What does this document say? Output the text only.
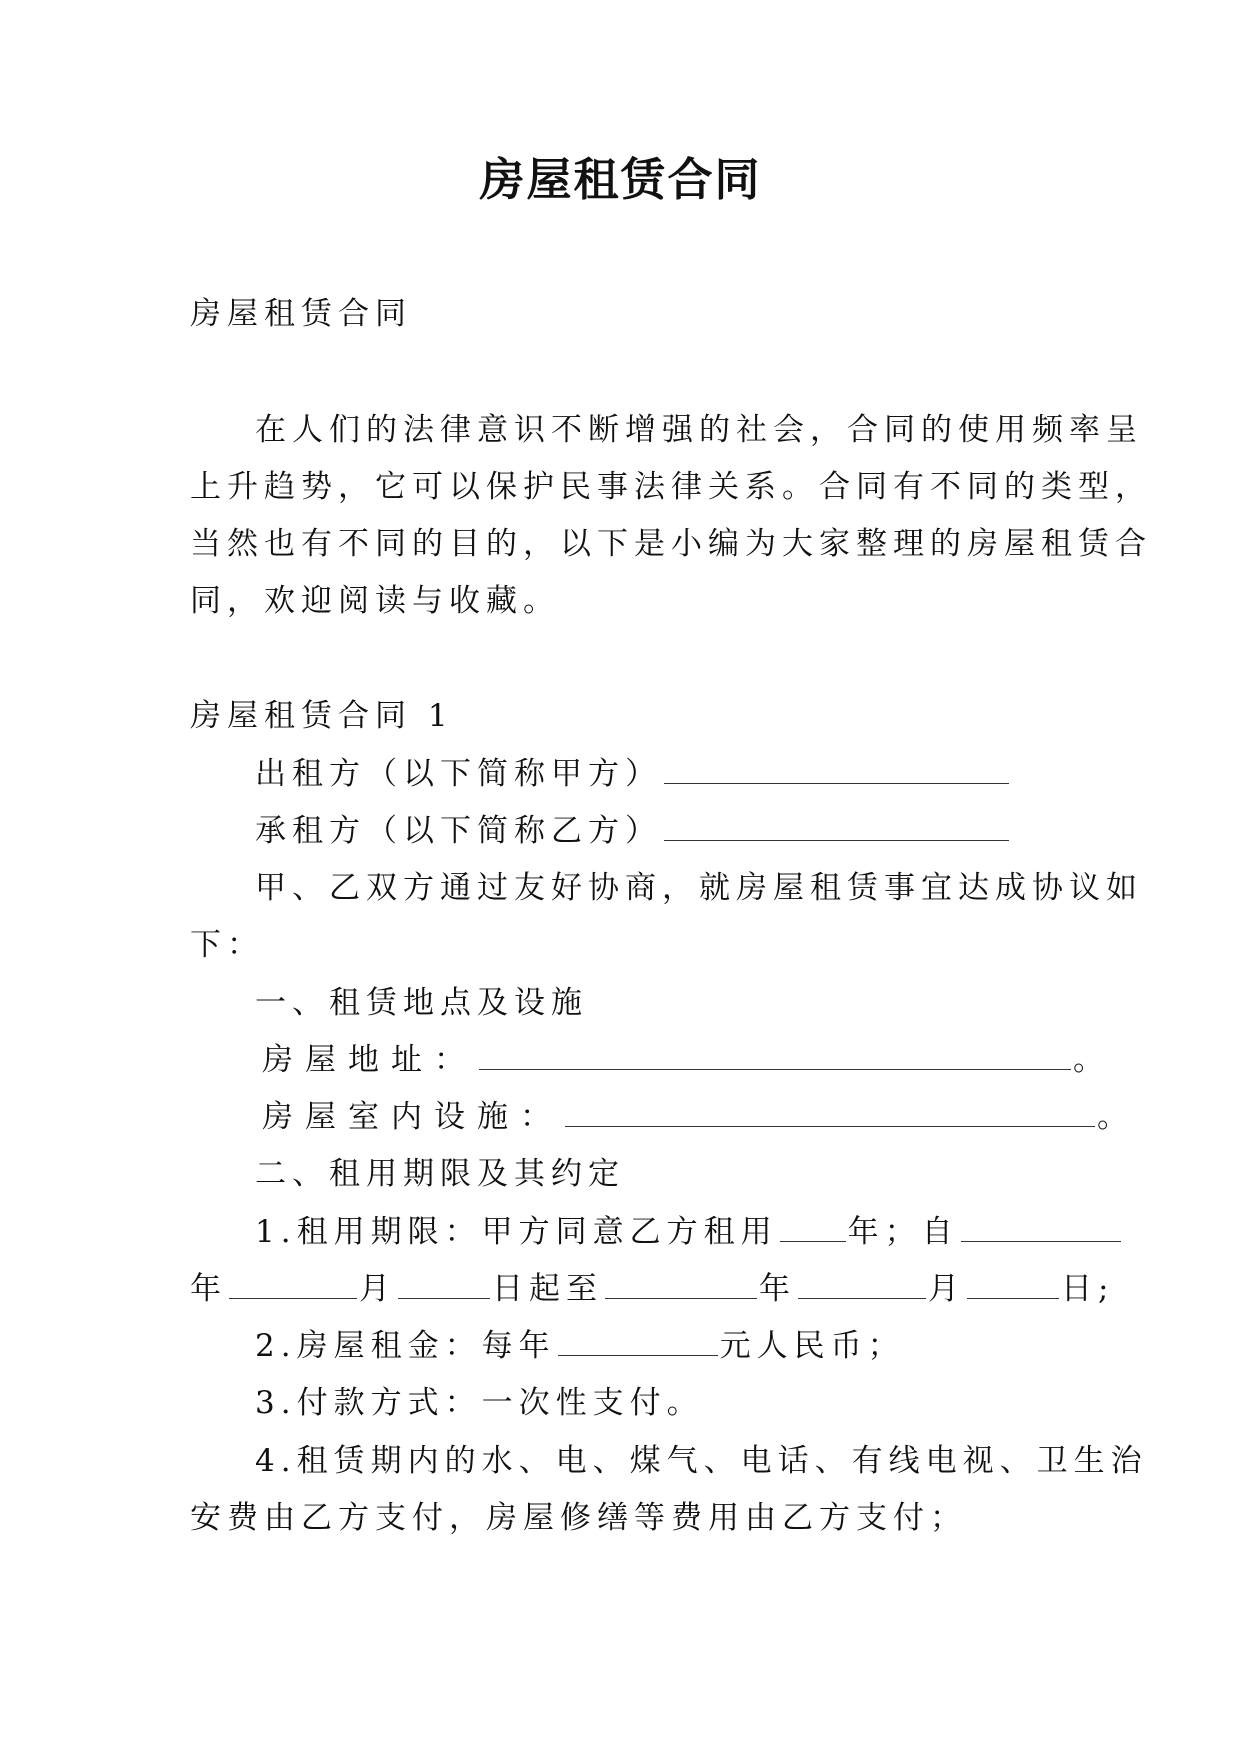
房屋租赁合同
房屋租赁合同
在人们的法律意识不断增强的社会，合同的使用频率呈
上升趋势，它可以保护民事法律关系。合同有不同的类型，
当然也有不同的目的，以下是小编为大家整理的房屋租赁合
同，欢迎阅读与收藏。
房屋租赁合同 1
出租方（以下简称甲方）
承租方（以下简称乙方）
甲、乙双方通过友好协商，就房屋租赁事宜达成协议如
下：
一、租赁地点及设施
房屋地址：	。
房屋室内设施：	。
二、租用期限及其约定
1.租用期限：甲方同意乙方租用 年；自
年	月	日起至	年	月	日;
2.房屋租金：每年	元人民币；
3.付款方式：一次性支付。
4.租赁期内的水、电、煤气、电话、有线电视、卫生治
安费由乙方支付，房屋修缮等费用由乙方支付；
